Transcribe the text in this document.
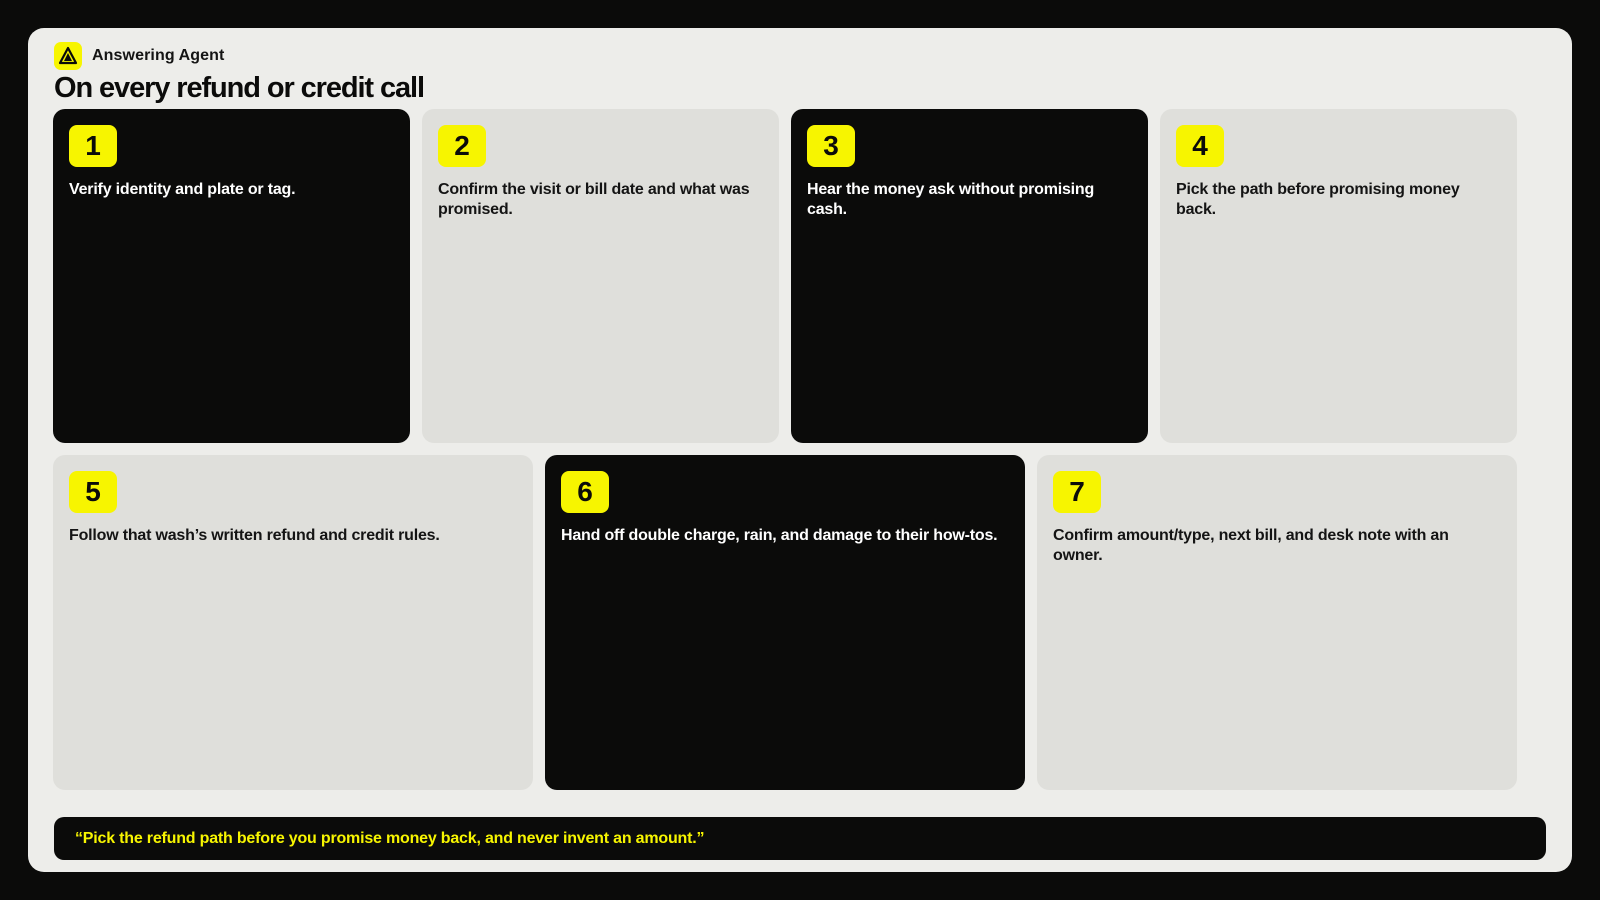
Answering Agent
On every refund or credit call
1

Verify identity and plate or tag.

2

Confirm the visit or bill date and what was promised.

3

Hear the money ask without promising cash.

4

Pick the path before promising money back.

5

Follow that wash’s written refund and credit rules.

6

Hand off double charge, rain, and damage to their how-tos.

7

Confirm amount/type, next bill, and desk note with an owner.

“Pick the refund path before you promise money back, and never invent an amount.”
